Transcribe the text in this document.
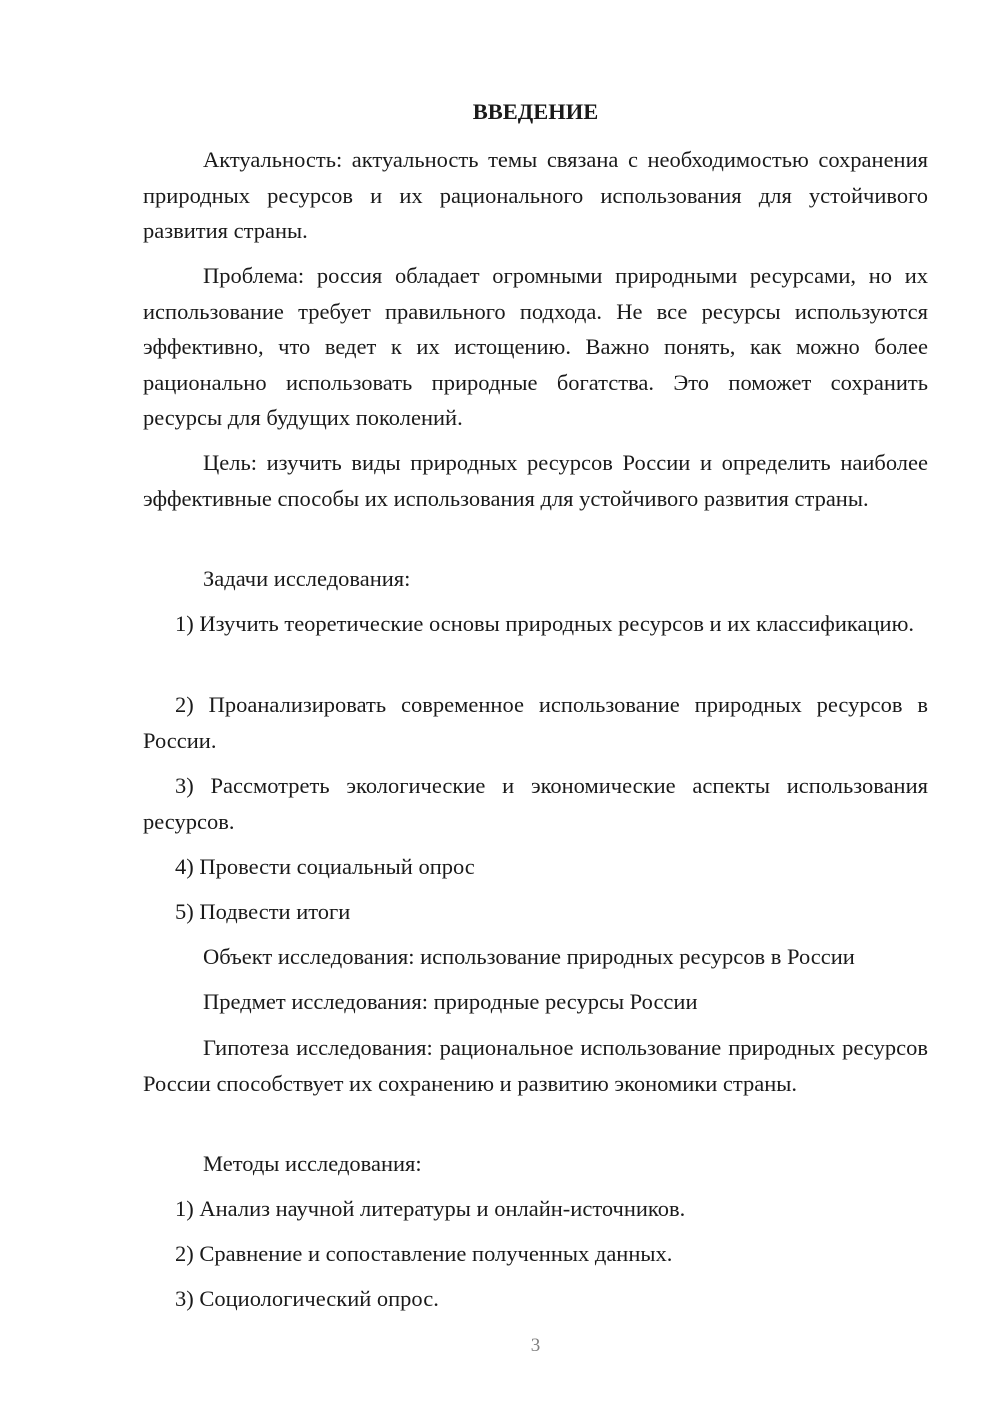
ВВЕДЕНИЕ

Актуальность: актуальность темы связана с необходимостью сохранения природных ресурсов и их рационального использования для устойчивого развития страны.

Проблема: россия обладает огромными природными ресурсами, но их использование требует правильного подхода. Не все ресурсы используются эффективно, что ведет к их истощению. Важно понять, как можно более рационально использовать природные богатства. Это поможет сохранить ресурсы для будущих поколений.

Цель: изучить виды природных ресурсов России и определить наиболее эффективные способы их использования для устойчивого развития страны.

Задачи исследования:

1) Изучить теоретические основы природных ресурсов и их классификацию.

2) Проанализировать современное использование природных ресурсов в России.

3) Рассмотреть экологические и экономические аспекты использования ресурсов.

4) Провести социальный опрос

5) Подвести итоги

Объект исследования: использование природных ресурсов в России

Предмет исследования: природные ресурсы России

Гипотеза исследования: рациональное использование природных ресурсов России способствует их сохранению и развитию экономики страны.

Методы исследования:

1) Анализ научной литературы и онлайн-источников.

2) Сравнение и сопоставление полученных данных.

3) Социологический опрос.

3
